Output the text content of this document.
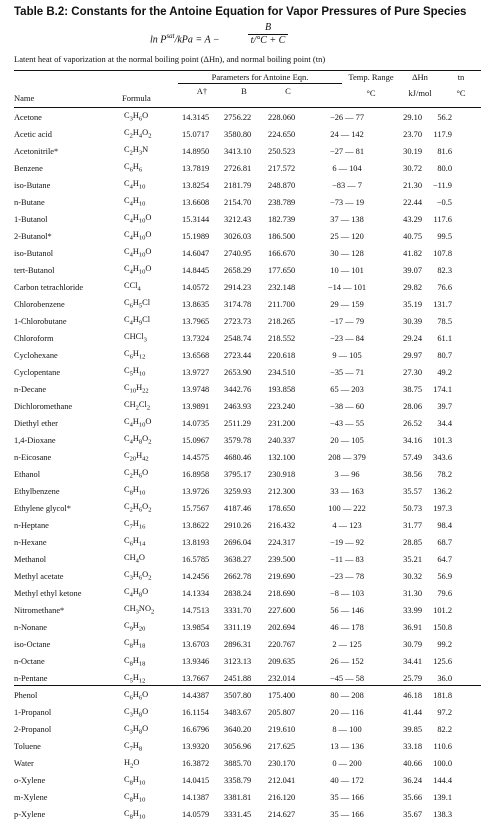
Table B.2: Constants for the Antoine Equation for Vapor Pressures of Pure Species
$\ln P^{sat}$/kPa = A −	$\frac{B}{t/^\circ C + C}$
Latent heat of vaporization at the normal boiling point (ΔHn), and normal boiling point (tn)
Parameters for Antoine Eqn.	Temp. Range	ΔHn	tn
°C	kJ/mol	°C
Name	Formula
A†	B	C
Acetone	$C_3H_6O$	14.3145	2756.22	228.060	−26 — 77	29.10	56.2
Acetic acid	$C_2H_4O_2$	15.0717	3580.80	224.650	24 — 142	23.70	117.9
Acetonitrile*	$C_2H_3N$	14.8950	3413.10	250.523	−27 — 81	30.19	81.6
Benzene	$C_6H_6$	13.7819	2726.81	217.572	6 — 104	30.72	80.0
iso-Butane	$C_4H_{10}$	13.8254	2181.79	248.870	−83 — 7	21.30	−11.9
n-Butane	$C_4H_{10}$	13.6608	2154.70	238.789	−73 — 19	22.44	−0.5
1-Butanol	$C_4H_{10}O$	15.3144	3212.43	182.739	37 — 138	43.29	117.6
2-Butanol*	$C_4H_{10}O$	15.1989	3026.03	186.500	25 — 120	40.75	99.5
iso-Butanol	$C_4H_{10}O$	14.6047	2740.95	166.670	30 — 128	41.82	107.8
tert-Butanol	$C_4H_{10}O$	14.8445	2658.29	177.650	10 — 101	39.07	82.3
Carbon tetrachloride	CCl$_4$	14.0572	2914.23	232.148	−14 — 101	29.82	76.6
Chlorobenzene	$C_6H_5Cl$	13.8635	3174.78	211.700	29 — 159	35.19	131.7
1-Chlorobutane	$C_4H_9Cl$	13.7965	2723.73	218.265	−17 — 79	30.39	78.5
Chloroform	CHCl$_3$	13.7324	2548.74	218.552	−23 — 84	29.24	61.1
Cyclohexane	$C_6H_{12}$	13.6568	2723.44	220.618	9 — 105	29.97	80.7
Cyclopentane	$C_5H_{10}$	13.9727	2653.90	234.510	−35 — 71	27.30	49.2
n-Decane	$C_{10}H_{22}$	13.9748	3442.76	193.858	65 — 203	38.75	174.1
Dichloromethane	$CH_2Cl_2$	13.9891	2463.93	223.240	−38 — 60	28.06	39.7
Diethyl ether	$C_4H_{10}O$	14.0735	2511.29	231.200	−43 — 55	26.52	34.4
1,4-Dioxane	$C_4H_8O_2$	15.0967	3579.78	240.337	20 — 105	34.16	101.3
n-Eicosane	$C_{20}H_{42}$	14.4575	4680.46	132.100	208 — 379	57.49	343.6
Ethanol	$C_2H_6O$	16.8958	3795.17	230.918	3 — 96	38.56	78.2
Ethylbenzene	$C_8H_{10}$	13.9726	3259.93	212.300	33 — 163	35.57	136.2
Ethylene glycol*	$C_2H_6O_2$	15.7567	4187.46	178.650	100 — 222	50.73	197.3
n-Heptane	$C_7H_{16}$	13.8622	2910.26	216.432	4 — 123	31.77	98.4
n-Hexane	$C_6H_{14}$	13.8193	2696.04	224.317	−19 — 92	28.85	68.7
Methanol	$CH_4O$	16.5785	3638.27	239.500	−11 — 83	35.21	64.7
Methyl acetate	$C_3H_6O_2$	14.2456	2662.78	219.690	−23 — 78	30.32	56.9
Methyl ethyl ketone	$C_4H_8O$	14.1334	2838.24	218.690	−8 — 103	31.30	79.6
Nitromethane*	$CH_3NO_2$	14.7513	3331.70	227.600	56 — 146	33.99	101.2
n-Nonane	$C_9H_{20}$	13.9854	3311.19	202.694	46 — 178	36.91	150.8
iso-Octane	$C_8H_{18}$	13.6703	2896.31	220.767	2 — 125	30.79	99.2
n-Octane	$C_8H_{18}$	13.9346	3123.13	209.635	26 — 152	34.41	125.6
n-Pentane	$C_5H_{12}$	13.7667	2451.88	232.014	−45 — 58	25.79	36.0
Phenol	$C_6H_6O$	14.4387	3507.80	175.400	80 — 208	46.18	181.8
1-Propanol	$C_3H_8O$	16.1154	3483.67	205.807	20 — 116	41.44	97.2
2-Propanol	$C_3H_8O$	16.6796	3640.20	219.610	8 — 100	39.85	82.2
Toluene	$C_7H_8$	13.9320	3056.96	217.625	13 — 136	33.18	110.6
Water	$H_2O$	16.3872	3885.70	230.170	0 — 200	40.66	100.0
o-Xylene	$C_8H_{10}$	14.0415	3358.79	212.041	40 — 172	36.24	144.4
m-Xylene	$C_8H_{10}$	14.1387	3381.81	216.120	35 — 166	35.66	139.1
p-Xylene	$C_8H_{10}$	14.0579	3331.45	214.627	35 — 166	35.67	138.3
